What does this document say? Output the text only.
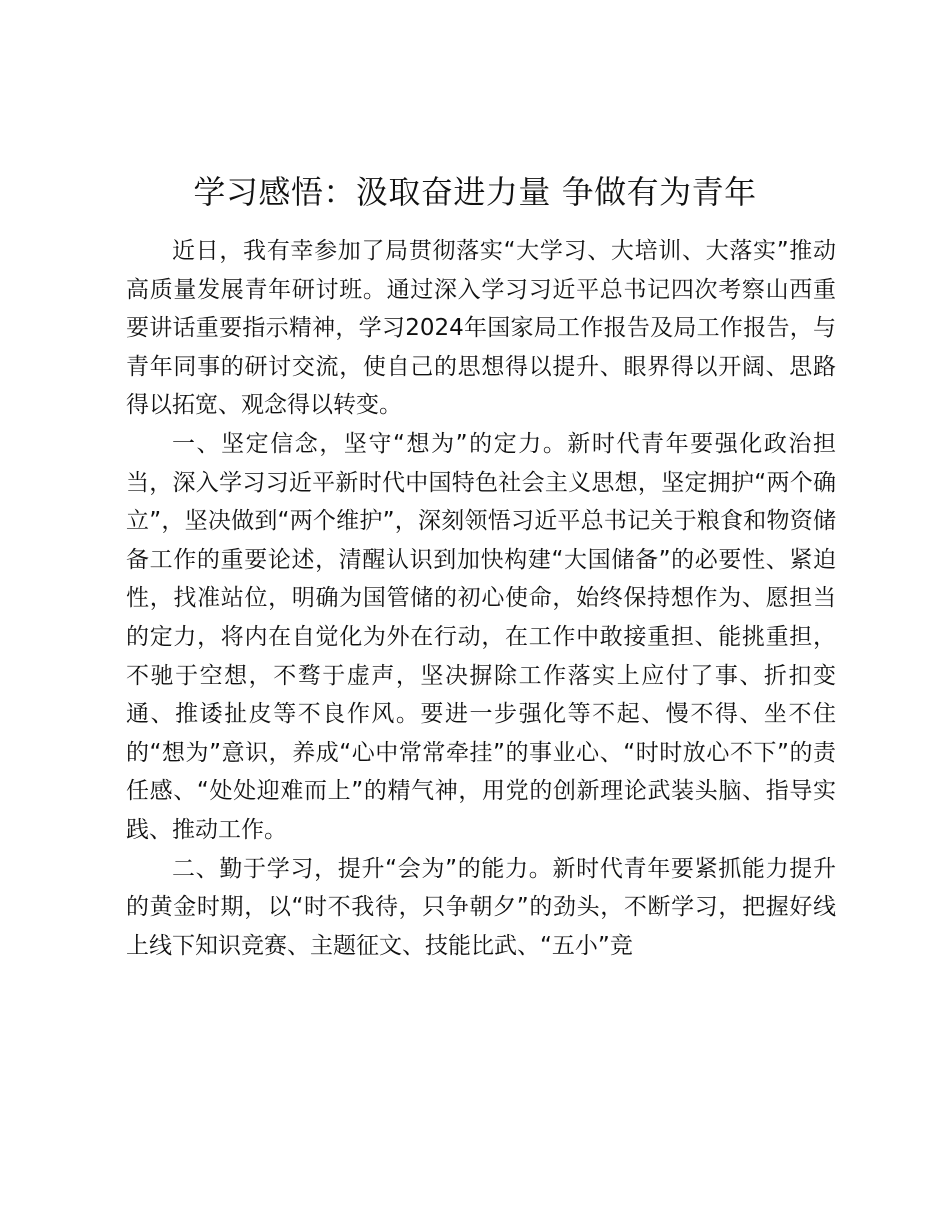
学习感悟：汲取奋进力量 争做有为青年

近日，我有幸参加了局贯彻落实“大学习、大培训、大落实”推动高质量发展青年研讨班。通过深入学习习近平总书记四次考察山西重要讲话重要指示精神，学习2024年国家局工作报告及局工作报告，与青年同事的研讨交流，使自己的思想得以提升、眼界得以开阔、思路得以拓宽、观念得以转变。

一、坚定信念，坚守“想为”的定力。新时代青年要强化政治担当，深入学习习近平新时代中国特色社会主义思想，坚定拥护“两个确立”，坚决做到“两个维护”，深刻领悟习近平总书记关于粮食和物资储备工作的重要论述，清醒认识到加快构建“大国储备”的必要性、紧迫性，找准站位，明确为国管储的初心使命，始终保持想作为、愿担当的定力，将内在自觉化为外在行动，在工作中敢接重担、能挑重担，不驰于空想，不骛于虚声，坚决摒除工作落实上应付了事、折扣变通、推诿扯皮等不良作风。要进一步强化等不起、慢不得、坐不住的“想为”意识，养成“心中常常牵挂”的事业心、“时时放心不下”的责任感、“处处迎难而上”的精气神，用党的创新理论武装头脑、指导实践、推动工作。

二、勤于学习，提升“会为”的能力。新时代青年要紧抓能力提升的黄金时期，以“时不我待，只争朝夕”的劲头，不断学习，把握好线上线下知识竞赛、主题征文、技能比武、“五小”竞
